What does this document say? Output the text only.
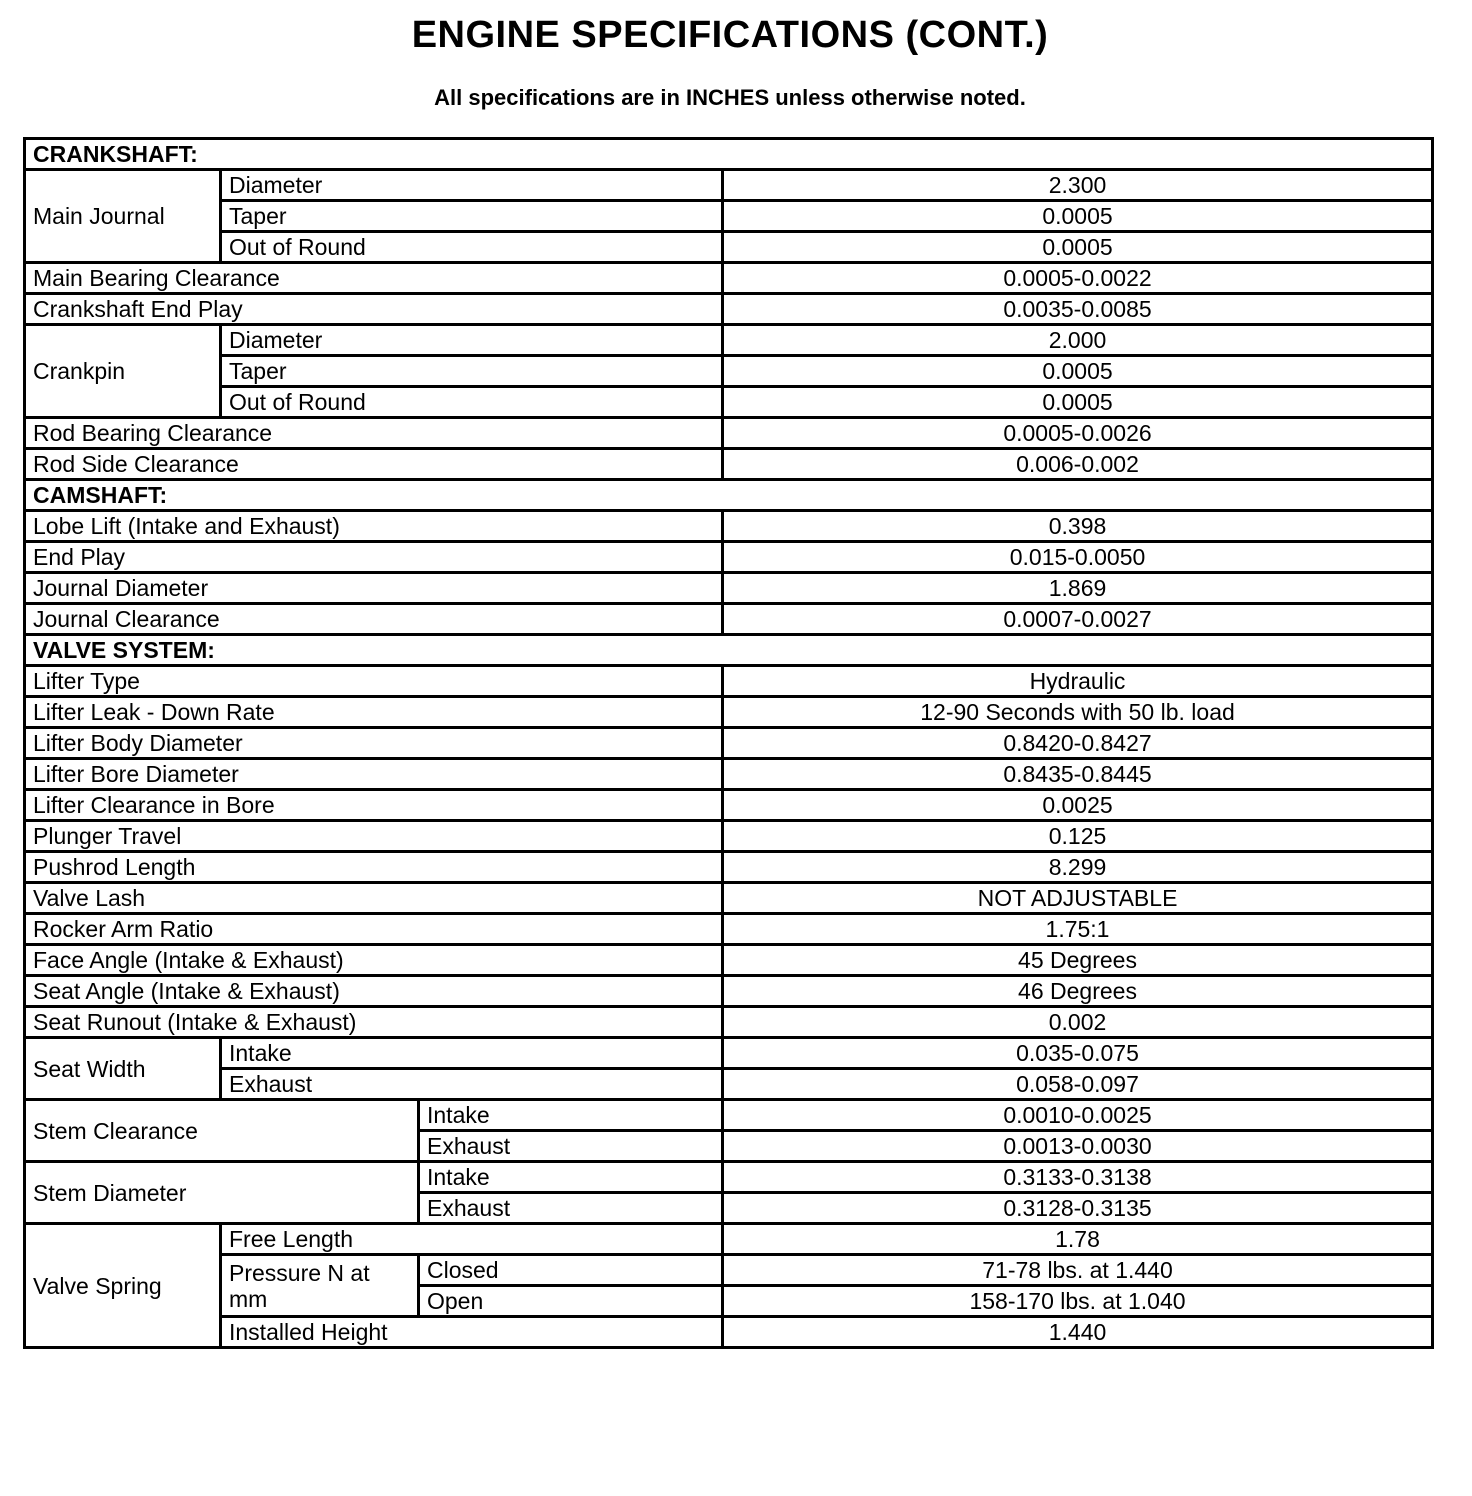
ENGINE SPECIFICATIONS (CONT.)
All specifications are in INCHES unless otherwise noted.
CRANKSHAFT:			
Main Journal	Diameter		2.300
	Taper		0.0005
	Out of Round		0.0005
Main Bearing Clearance			0.0005-0.0022
Crankshaft End Play			0.0035-0.0085
Crankpin	Diameter		2.000
	Taper		0.0005
	Out of Round		0.0005
Rod Bearing Clearance			0.0005-0.0026
Rod Side Clearance			0.006-0.002
CAMSHAFT:			
Lobe Lift (Intake and Exhaust)			0.398
End Play			0.015-0.0050
Journal Diameter			1.869
Journal Clearance			0.0007-0.0027
VALVE SYSTEM:			
Lifter Type			Hydraulic
Lifter Leak - Down Rate			12-90 Seconds with 50 lb. load
Lifter Body Diameter			0.8420-0.8427
Lifter Bore Diameter			0.8435-0.8445
Lifter Clearance in Bore			0.0025
Plunger Travel			0.125
Pushrod Length			8.299
Valve Lash			NOT ADJUSTABLE
Rocker Arm Ratio			1.75:1
Face Angle (Intake & Exhaust)			45 Degrees
Seat Angle (Intake & Exhaust)			46 Degrees
Seat Runout (Intake & Exhaust)			0.002
Seat Width	Intake		0.035-0.075
	Exhaust		0.058-0.097
Stem Clearance		Intake	0.0010-0.0025
		Exhaust	0.0013-0.0030
Stem Diameter		Intake	0.3133-0.3138
		Exhaust	0.3128-0.3135
Valve Spring	Free Length		1.78
	Pressure N at mm	Closed	71-78 lbs. at 1.440
		Open	158-170 lbs. at 1.040
	Installed Height		1.440
